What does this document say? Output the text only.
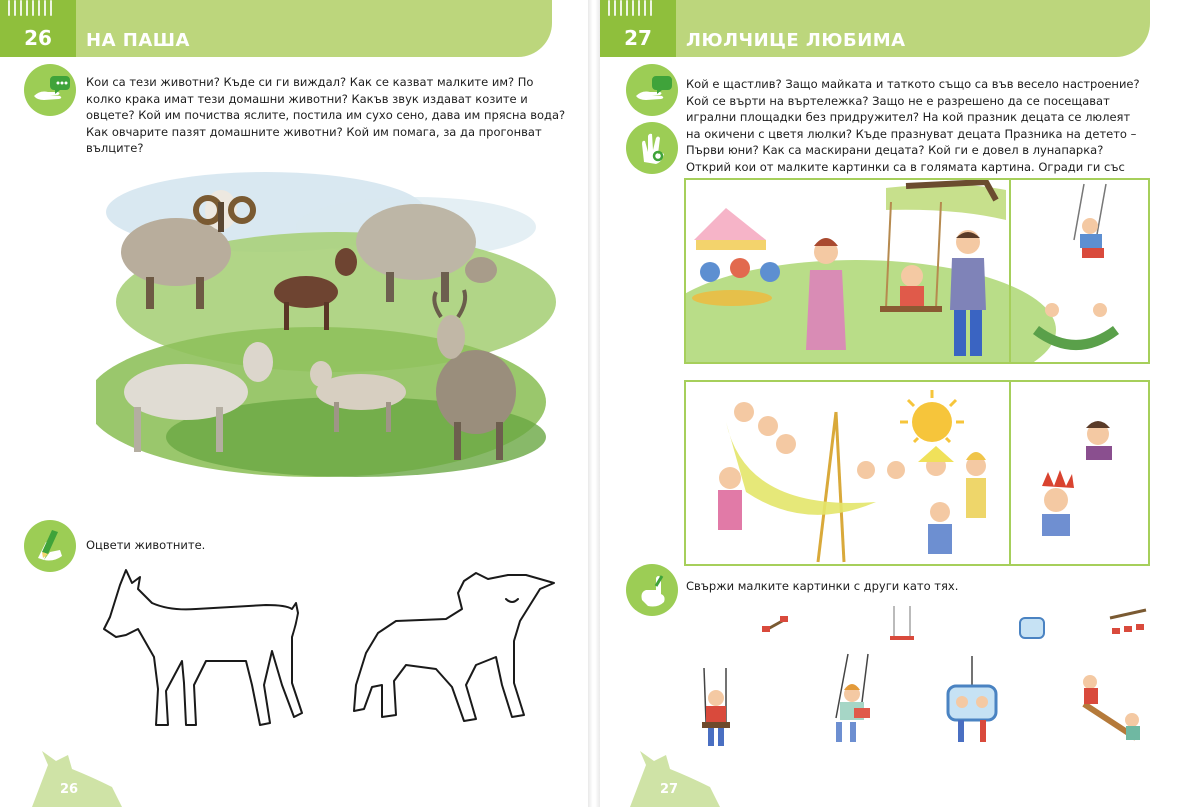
26	НА ПАША
Кои са тези животни? Къде си ги виждал? Как се казват малките им? По колко крака имат тези домашни животни? Какъв звук издават козите и овцете? Кой им почиства яслите, постила им сухо сено, дава им прясна вода? Как овчарите пазят домашните животни? Кой им помага, за да прогонват вълците?
Оцвети животните.
26
27	ЛЮЛЧИЦЕ ЛЮБИМА
Кой е щастлив? Защо майката и таткото също са във весело настроение? Кой се върти на въртележка? Защо не е разрешено да се посещават игрални площадки без придружител? На кой празник децата се люлеят на окичени с цветя люлки? Къде празнуват децата Празника на детето – Първи юни? Как са маскирани децата? Кой ги е довел в лунапарка? Открий кои от малките картинки са в голямата картина. Огради ги със
Свържи малките картинки с други като тях.
27
